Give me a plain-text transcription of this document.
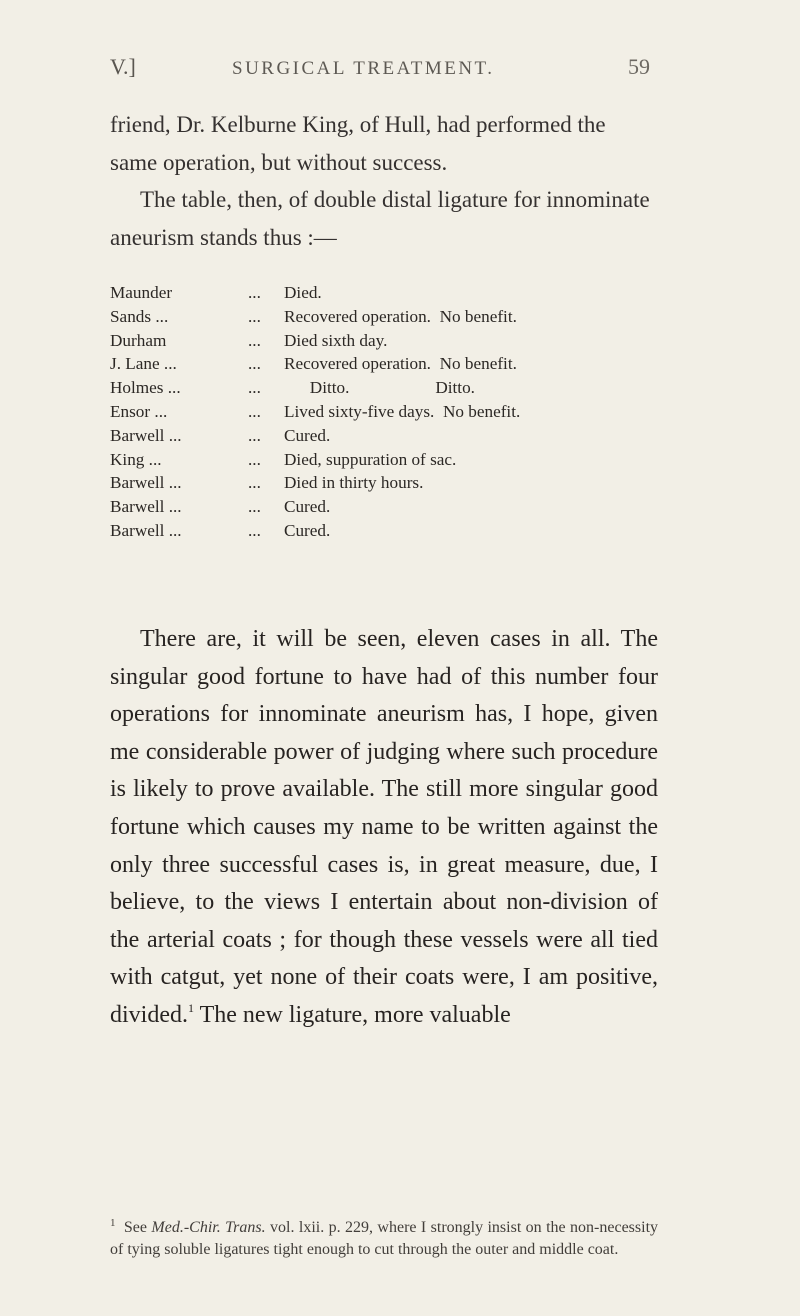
V.]	SURGICAL TREATMENT.	59

friend, Dr. Kelburne King, of Hull, had performed the same operation, but without success.

The table, then, of double distal ligature for innominate aneurism stands thus :—

Maunder	... Died.
Sands ...	... Recovered operation.  No benefit.
Durham	... Died sixth day.
J. Lane ...	... Recovered operation.  No benefit.
Holmes ...	... Ditto.                    Ditto.
Ensor ...	... Lived sixty-five days.  No benefit.
Barwell ...	... Cured.
King ...	... Died, suppuration of sac.
Barwell ...	... Died in thirty hours.
Barwell ...	... Cured.
Barwell ...	... Cured.

There are, it will be seen, eleven cases in all. The singular good fortune to have had of this number four operations for innominate aneurism has, I hope, given me considerable power of judging where such procedure is likely to prove available. The still more singular good fortune which causes my name to be written against the only three successful cases is, in great measure, due, I believe, to the views I entertain about non-division of the arterial coats ; for though these vessels were all tied with catgut, yet none of their coats were, I am positive, divided.$^1$ The new ligature, more valuable

$^1$ See Med.-Chir. Trans. vol. lxii. p. 229, where I strongly insist on the non-necessity of tying soluble ligatures tight enough to cut through the outer and middle coat.
